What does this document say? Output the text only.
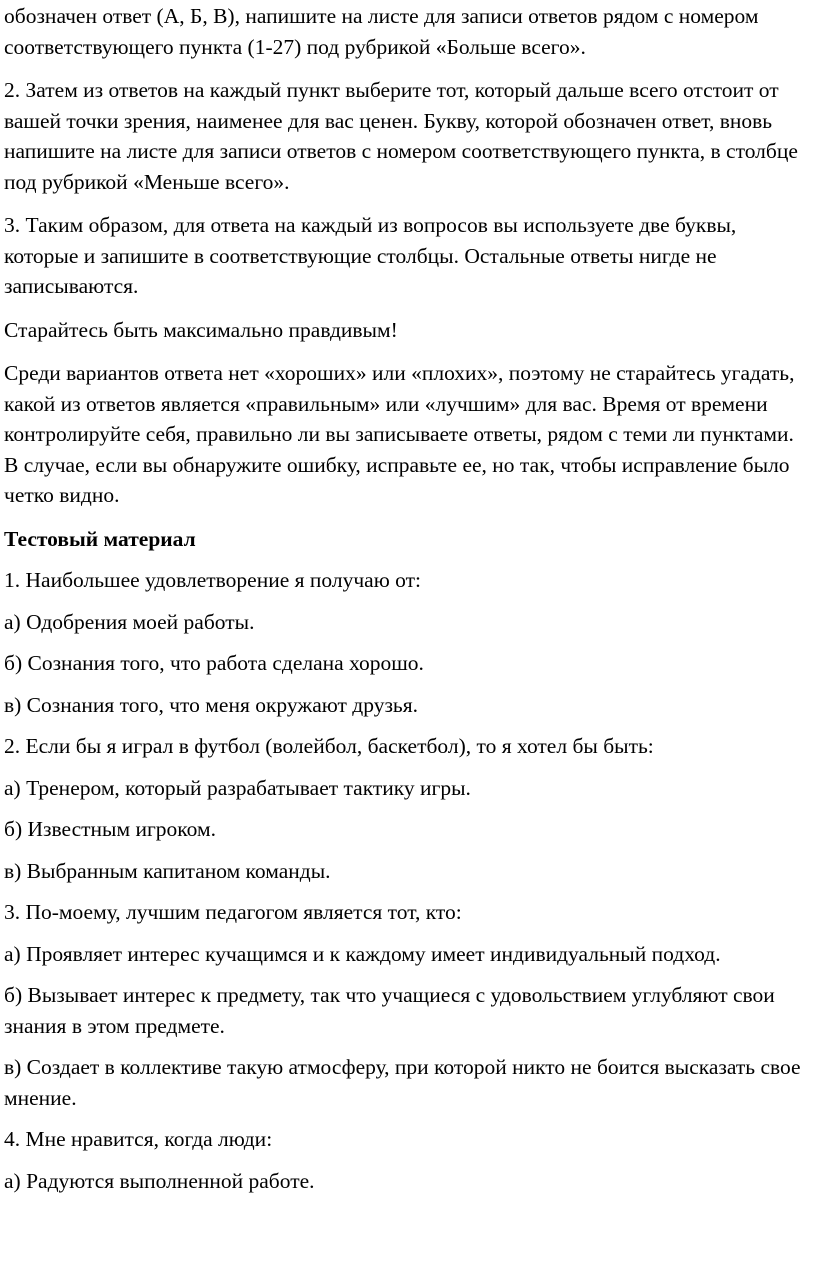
обозначен ответ (А, Б, В), напишите на листе для записи ответов рядом с номером соответствующего пункта (1-27) под рубрикой «Больше всего».

2. Затем из ответов на каждый пункт выберите тот, который дальше всего отстоит от вашей точки зрения, наименее для вас ценен. Букву, которой обозначен ответ, вновь напишите на листе для записи ответов с номером соответствующего пункта, в столбце под рубрикой «Меньше всего».

3. Таким образом, для ответа на каждый из вопросов вы используете две буквы, которые и запишите в соответствующие столбцы. Остальные ответы нигде не записываются.

Старайтесь быть максимально правдивым!

Среди вариантов ответа нет «хороших» или «плохих», поэтому не старайтесь угадать, какой из ответов является «правильным» или «лучшим» для вас. Время от времени контролируйте себя, правильно ли вы записываете ответы, рядом с теми ли пунктами. В случае, если вы обнаружите ошибку, исправьте ее, но так, чтобы исправление было четко видно.

Тестовый материал

1. Наибольшее удовлетворение я получаю от:

а) Одобрения моей работы.

б) Сознания того, что работа сделана хорошо.

в) Сознания того, что меня окружают друзья.

2. Если бы я играл в футбол (волейбол, баскетбол), то я хотел бы быть:

а) Тренером, который разрабатывает тактику игры.

б) Известным игроком.

в) Выбранным капитаном команды.

3. По-моему, лучшим педагогом является тот, кто:

а) Проявляет интерес кучащимся и к каждому имеет индивидуальный подход.

б) Вызывает интерес к предмету, так что учащиеся с удовольствием углубляют свои знания в этом предмете.

в) Создает в коллективе такую атмосферу, при которой никто не боится высказать свое мнение.

4. Мне нравится, когда люди:

а) Радуются выполненной работе.
